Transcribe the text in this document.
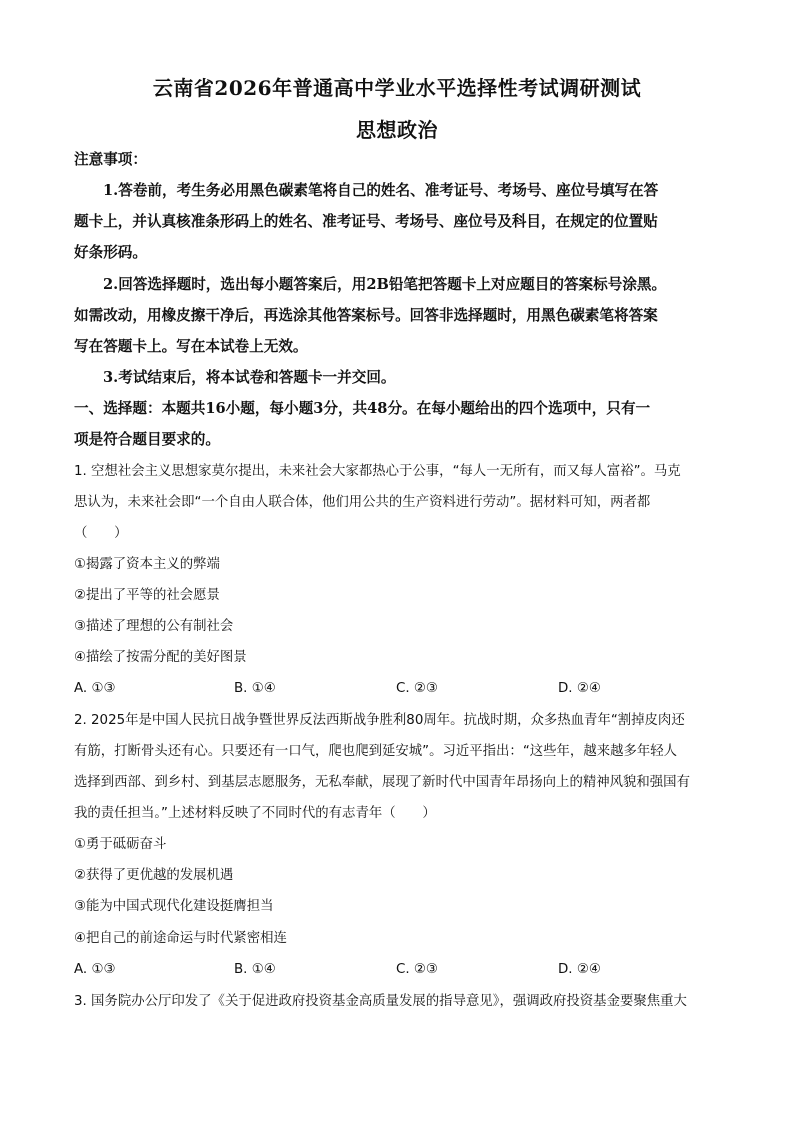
云南省2026年普通高中学业水平选择性考试调研测试
思想政治
注意事项：
1.答卷前，考生务必用黑色碳素笔将自己的姓名、准考证号、考场号、座位号填写在答
题卡上，并认真核准条形码上的姓名、准考证号、考场号、座位号及科目，在规定的位置贴
好条形码。
2.回答选择题时，选出每小题答案后，用2B铅笔把答题卡上对应题目的答案标号涂黑。
如需改动，用橡皮擦干净后，再选涂其他答案标号。回答非选择题时，用黑色碳素笔将答案
写在答题卡上。写在本试卷上无效。
3.考试结束后，将本试卷和答题卡一并交回。
一、选择题：本题共16小题，每小题3分，共48分。在每小题给出的四个选项中，只有一
项是符合题目要求的。
1. 空想社会主义思想家莫尔提出，未来社会大家都热心于公事，“每人一无所有，而又每人富裕”。马克
思认为，未来社会即“一个自由人联合体，他们用公共的生产资料进行劳动”。据材料可知，两者都
（　　）
①揭露了资本主义的弊端
②提出了平等的社会愿景
③描述了理想的公有制社会
④描绘了按需分配的美好图景
A. ①③	B. ①④	C. ②③	D. ②④
2. 2025年是中国人民抗日战争暨世界反法西斯战争胜利80周年。抗战时期，众多热血青年“割掉皮肉还
有筋，打断骨头还有心。只要还有一口气，爬也爬到延安城”。习近平指出：“这些年，越来越多年轻人
选择到西部、到乡村、到基层志愿服务，无私奉献，展现了新时代中国青年昂扬向上的精神风貌和强国有
我的责任担当。”上述材料反映了不同时代的有志青年（　　）
①勇于砥砺奋斗
②获得了更优越的发展机遇
③能为中国式现代化建设挺膺担当
④把自己的前途命运与时代紧密相连
A. ①③	B. ①④	C. ②③	D. ②④
3. 国务院办公厅印发了《关于促进政府投资基金高质量发展的指导意见》，强调政府投资基金要聚焦重大
